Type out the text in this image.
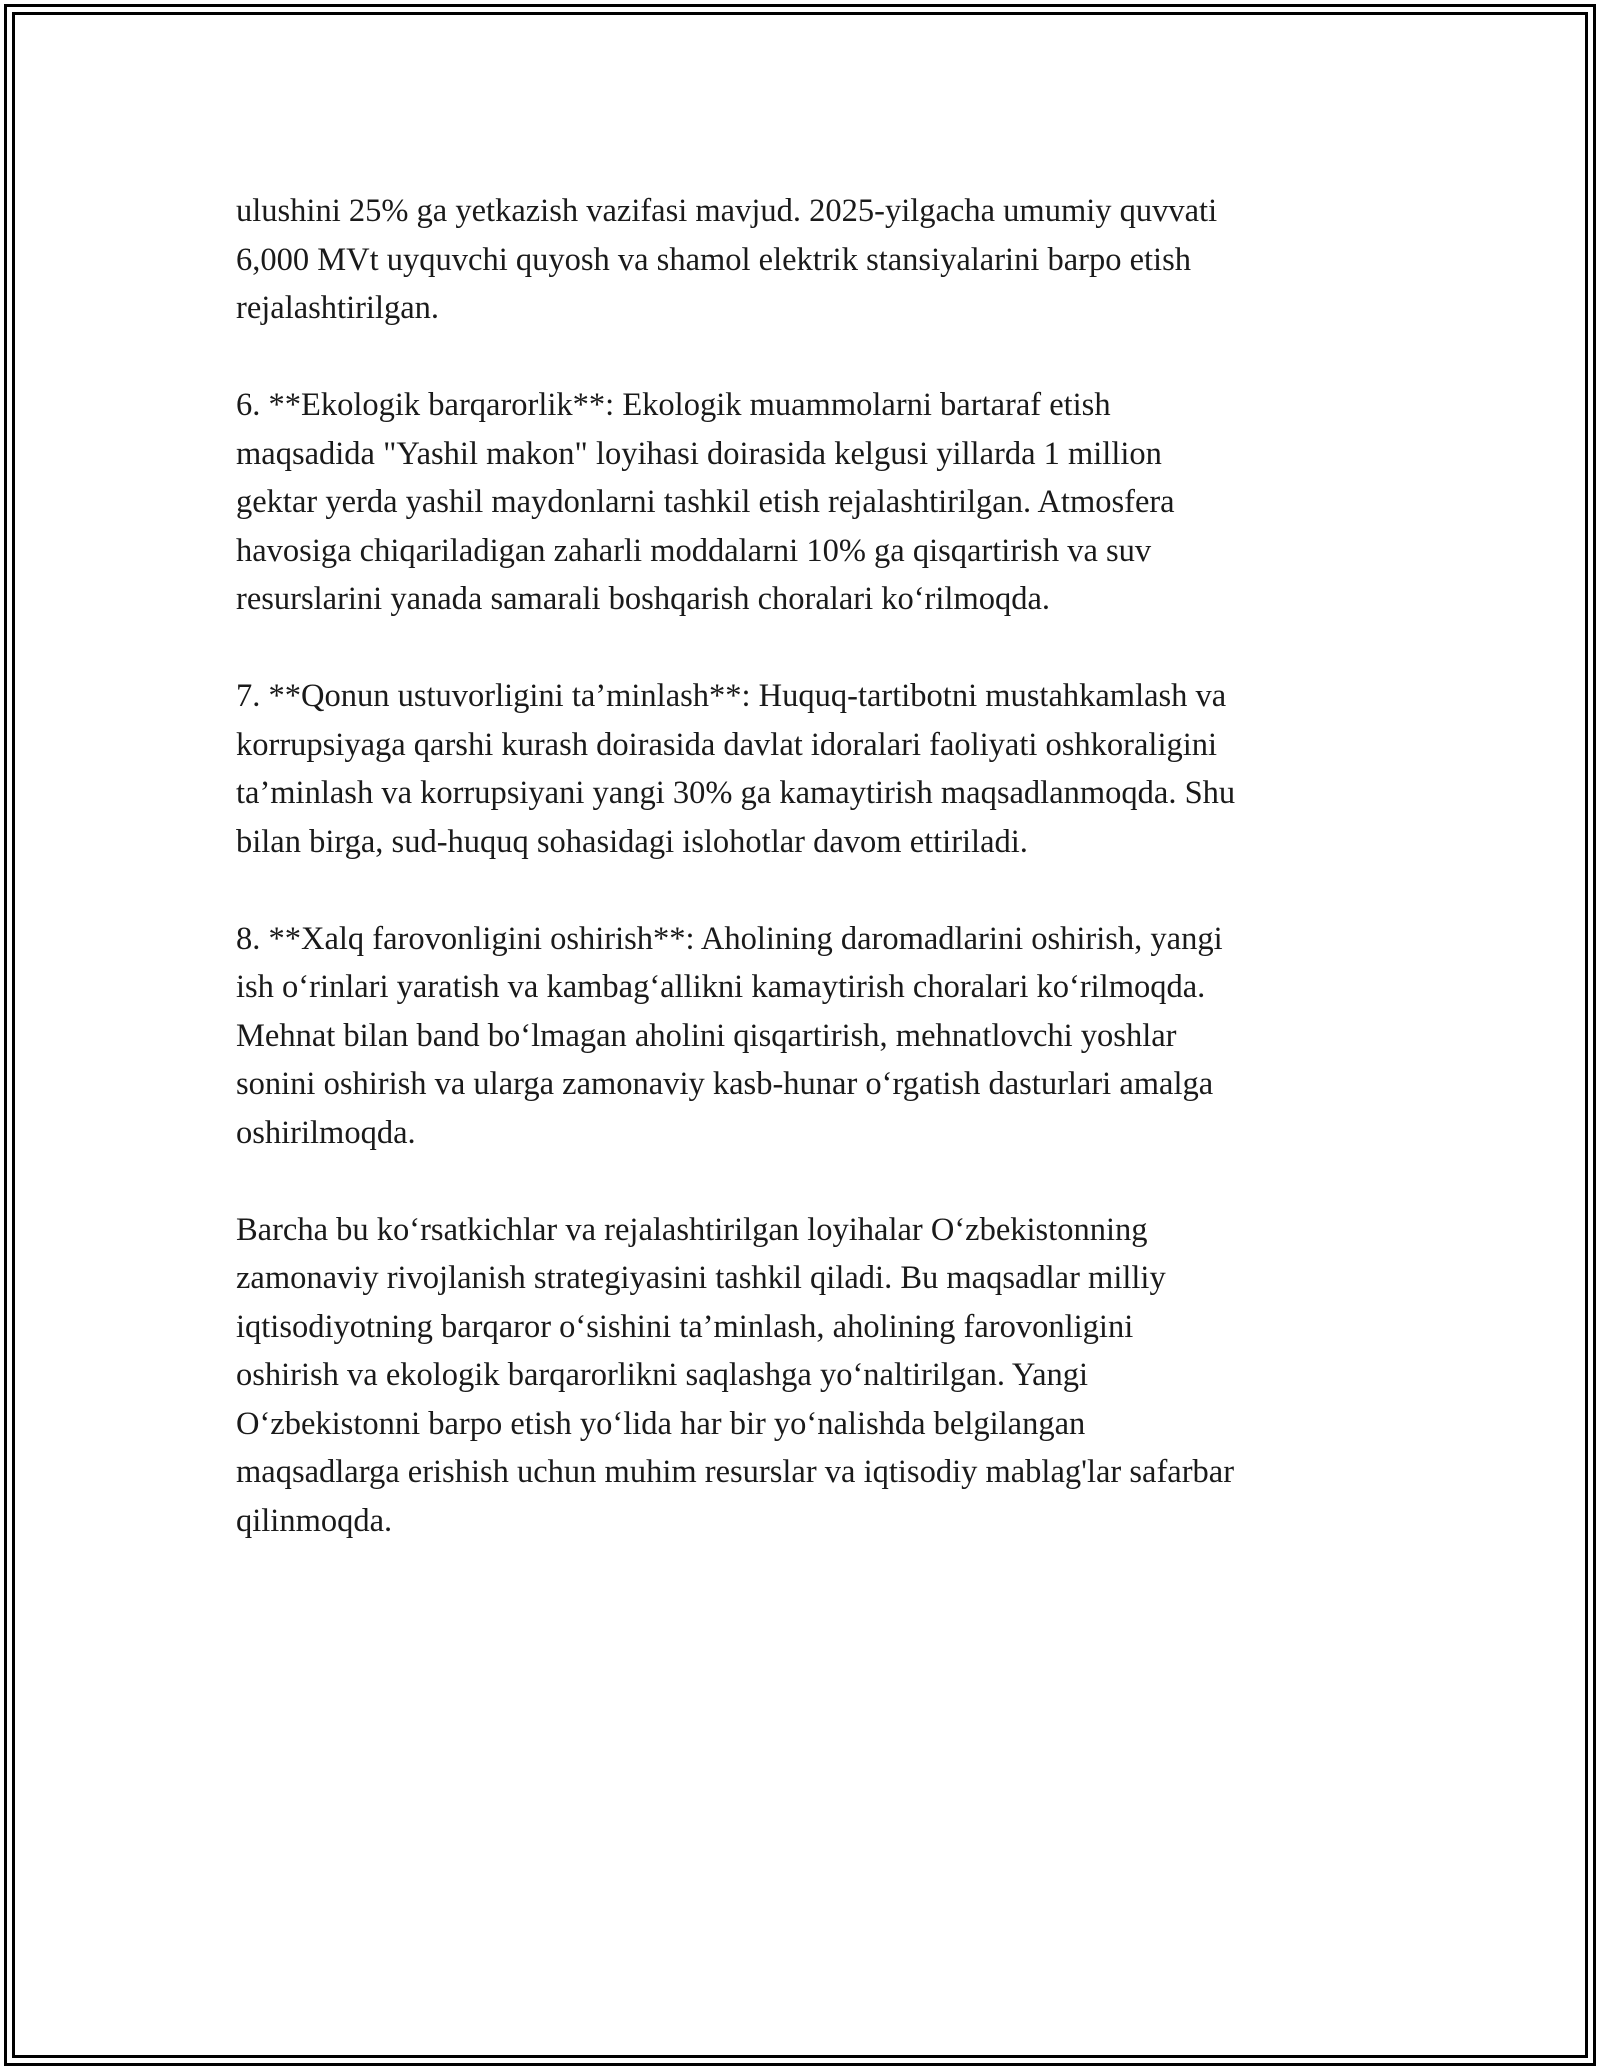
ulushini 25% ga yetkazish vazifasi mavjud. 2025-yilgacha umumiy quvvati
6,000 MVt uyquvchi quyosh va shamol elektrik stansiyalarini barpo etish
rejalashtirilgan.

6. **Ekologik barqarorlik**: Ekologik muammolarni bartaraf etish
maqsadida "Yashil makon" loyihasi doirasida kelgusi yillarda 1 million
gektar yerda yashil maydonlarni tashkil etish rejalashtirilgan. Atmosfera
havosiga chiqariladigan zaharli moddalarni 10% ga qisqartirish va suv
resurslarini yanada samarali boshqarish choralari ko‘rilmoqda.

7. **Qonun ustuvorligini ta’minlash**: Huquq-tartibotni mustahkamlash va
korrupsiyaga qarshi kurash doirasida davlat idoralari faoliyati oshkoraligini
ta’minlash va korrupsiyani yangi 30% ga kamaytirish maqsadlanmoqda. Shu
bilan birga, sud-huquq sohasidagi islohotlar davom ettiriladi.

8. **Xalq farovonligini oshirish**: Aholining daromadlarini oshirish, yangi
ish o‘rinlari yaratish va kambag‘allikni kamaytirish choralari ko‘rilmoqda.
Mehnat bilan band bo‘lmagan aholini qisqartirish, mehnatlovchi yoshlar
sonini oshirish va ularga zamonaviy kasb-hunar o‘rgatish dasturlari amalga
oshirilmoqda.

Barcha bu ko‘rsatkichlar va rejalashtirilgan loyihalar O‘zbekistonning
zamonaviy rivojlanish strategiyasini tashkil qiladi. Bu maqsadlar milliy
iqtisodiyotning barqaror o‘sishini ta’minlash, aholining farovonligini
oshirish va ekologik barqarorlikni saqlashga yo‘naltirilgan. Yangi
O‘zbekistonni barpo etish yo‘lida har bir yo‘nalishda belgilangan
maqsadlarga erishish uchun muhim resurslar va iqtisodiy mablag'lar safarbar
qilinmoqda.
